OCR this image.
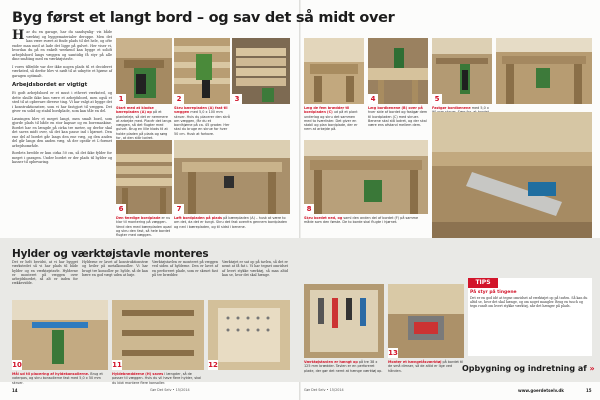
Byg først et langt bord – og sav det så midt over
H ar du en garage, har du sandsynlig- vis både værktøj og byggematerialer deroppe. Men det kan være svært at finde plads til det hele, og ofte ender man med at lade det ligge på gulvet. Her viser vi, hvordan du på en enkelt weekend kan bygge et solidt arbejdsbord langs væggen og samtidig få styr på alle dine småting med en værktøjstavle.

I vores tilfælde var der ikke nogen plads til et decideret værksted, så derfor blev vi nødt til at udnytte et hjørne af garagen optimalt.

Arbejdsbordet er vigtigt

Et godt arbejdsbord er et must i ethvert værksted, og dette skulle ikke kun være et arbejdsbord, men også et sted til at opbevare diverse ting. Vi har valgt at bygge det i konstruktionstræ, som vi har fastgjort til væggen. Det giver en solid og stabil bordplade, som kan tåle en del.

Løsningen blev et meget langt, men smalt bord, som gjorde plads til både en stor kapsav og en boremaskine. Bordet har en længde på cirka tre meter, og derfor skal det saves midt over, så det kan passe ind i hjørnet. Den ene del af bordet går langs den ene væg, og den anden del går langs den anden væg, så der opstår et L-formet arbejdsområde.

Bordets bredde er kun cirka 50 cm, så det ikke fylder for meget i garagen. Under bordet er der plads til hylder og kasser til opbevaring.

1
Start med at klodse bærepladen (A) op på et plankeleje, så det er nemmere at arbejde med. Placér det langs væggen, så det flugter med gulvet. Brug en lille klods til at holde pladen på plads og sørg for, at den står lodret.
2
Skru bærepladen (A) fast til væggen med 5,0 x 100 mm skruer. Hvis du placerer den skrå om væggen, får du et bordhjørne på ca. 45 grader. Her skal du bruge en skrue for hver 50 cm. Husk at forbore.
3
Læg de fem brædder til bordpladen (C) ud på et plant underlag og skru det sammen med to tværlister. Det giver en stabil og plan bordplade, der er nem at arbejde på.
4
Læg bordbenene (B) over på hver side af bordet og fastgør dem til bordpladen (C) med skruer. Benene skal stå lodret, og der skal være ens afstand mellem dem.
5
Fastgør bordbenene med 5,0 x
6
Den færdige bordplade er nu klar til montering på væggen. Vend den med bærepladen opad og skru den fast, så hele bordet flugter med væggen.
7
Løft bordpladen på plads på bærepladen (A) – husk at være to om det, da det er tungt. Skru det fast ovenfra gennem bordpladen og ned i bærepladen, og til sidst i benene.
8
Skru bordet ned, og saml den anden del af bordet (F) på samme måde som den første. De to borde skal flugte i hjørnet.
Hylder og værktøjstavle monteres
Det er helt bevidst, at vi har bygget værkstedet så vi har plads til både hylder og en værktøjstavle. Hylderne er monteret på væggen over arbejdsbordet, så alt er inden for rækkevidde.
Hylderne er lavet af konstruktionstræ og hviler på metalkonsoller. Vi har brugt tre konsoller pr. hylde, så de kan bære en god vægt uden at bøje.
Værktøjstavlen er monteret på væggen ved siden af hylderne. Den er lavet af en perforeret plade, som er skruet fast på tre brædder.
Værktøjet er sat op på tavlen, så det er nemt at få fat i. Vi har tegnet omridset af hvert stykke værktøj, så man altid kan se, hvor det skal hænge.
10
Mål ud til placering af hyldekonsollerne. Brug et vaterpas, og skru konsollerne fast med 5,0 x 50 mm skruer.
11
Hyldebrædderne (H) saves i længder, så de passer til væggen. Hvis du vil have flere hylder, skal du blot montere flere konsoller.
12	Værktøjstavlen er hængt op på tre 38 x 125 mm brædder. Tavlen er en perforeret plade, der gør det nemt at hænge værktøj op.
13
Monter et hængelåsværktøj på bordet til de små dimser, så de altid er lige ved hånden.
TIPS
På styr på tingene
Det er en god idé at tegne omridset af værktøjet op på tavlen. Så kan du altid se, hvor det skal hænge, og om noget mangler. Brug en tusch og tegn rundt om hvert stykke værktøj, når det hænger på plads.
Opbygning og indretning af »
14	Gør Det Selv • 15/2014	Gør Det Selv • 15/2014	www.goerdetselv.dk	15
